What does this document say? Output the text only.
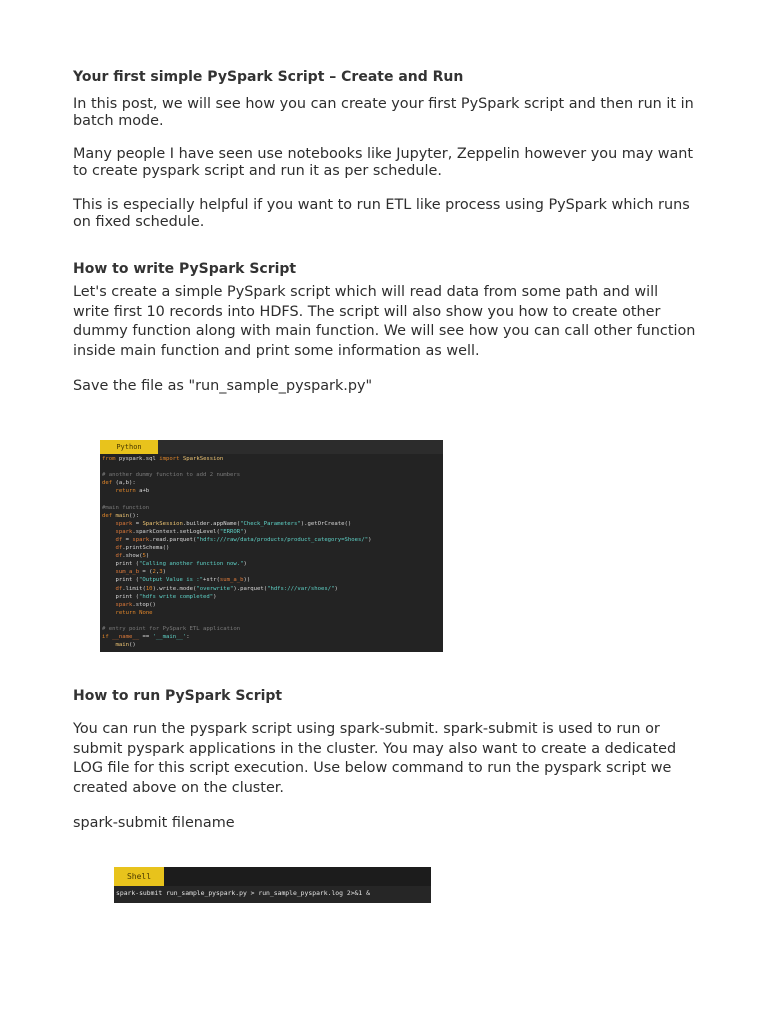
Your first simple PySpark Script – Create and Run

In this post, we will see how you can create your first PySpark script and then run it in batch mode.

Many people I have seen use notebooks like Jupyter, Zeppelin however you may want to create pyspark script and run it as per schedule.

This is especially helpful if you want to run ETL like process using PySpark which runs on fixed schedule.

How to write PySpark Script

Let's create a simple PySpark script which will read data from some path and will write first 10 records into HDFS. The script will also show you how to create other dummy function along with main function. We will see how you can call other function inside main function and print some information as well.

Save the file as "run_sample_pyspark.py"

How to run PySpark Script

You can run the pyspark script using spark-submit. spark-submit is used to run or submit pyspark applications in the cluster. You may also want to create a dedicated LOG file for this script execution. Use below command to run the pyspark script we created above on the cluster.

spark-submit filename

Python
from pyspark.sql import SparkSession
# another dummy function to add 2 numbers
def (a,b):
return a+b
#main function
def main():
spark = SparkSession.builder.appName("Check_Parameters").getOrCreate()
spark.sparkContext.setLogLevel("ERROR")
df = spark.read.parquet("hdfs:///raw/data/products/product_category=Shoes/")
df.printSchema()
df.show(5)
print ("Calling another function now.")
sum_a_b = (2,3)
print ("Output Value is :"+str(sum_a_b))
df.limit(10).write.mode("overwrite").parquet("hdfs:///var/shoes/")
print ("hdfs write completed")
spark.stop()
return None
# entry point for PySpark ETL application
if __name__ == '__main__':
main()
Shell
spark-submit run_sample_pyspark.py > run_sample_pyspark.log 2>&1 &
